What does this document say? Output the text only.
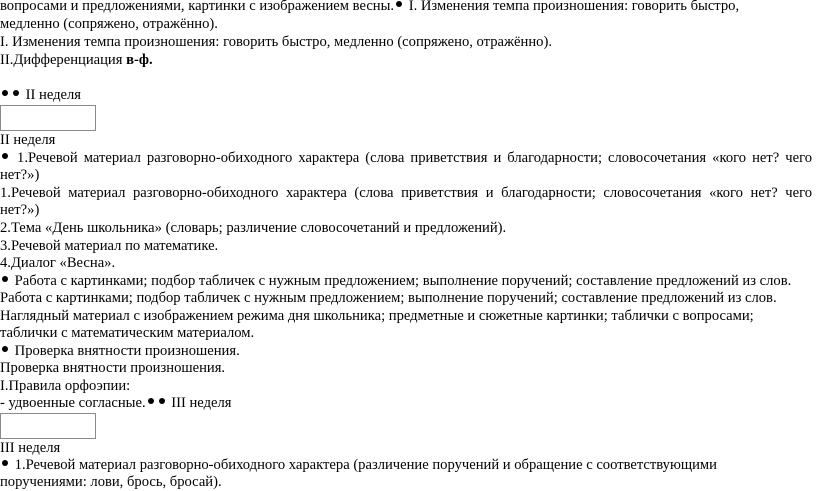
вопросами и предложениями, картинки с изображением весны. I. Изменения темпа произношения: говорить быстро,
медленно (сопряжено, отражённо).
I. Изменения темпа произношения: говорить быстро, медленно (сопряжено, отражённо).
II.Дифференциация в-ф.
II неделя
II неделя
1.Речевой материал разговорно-обиходного характера (слова приветствия и благодарности; словосочетания «кого нет? чего
нет?»)
1.Речевой материал разговорно-обиходного характера (слова приветствия и благодарности; словосочетания «кого нет? чего
нет?»)
2.Тема «День школьника» (словарь; различение словосочетаний и предложений).
3.Речевой материал по математике.
4.Диалог «Весна».
Работа с картинками; подбор табличек с нужным предложением; выполнение поручений; составление предложений из слов.
Работа с картинками; подбор табличек с нужным предложением; выполнение поручений; составление предложений из слов.
Наглядный материал с изображением режима дня школьника; предметные и сюжетные картинки; таблички с вопросами;
таблички с математическим материалом.
Проверка внятности произношения.
Проверка внятности произношения.
I.Правила орфоэпии:
- удвоенные согласные. III неделя
III неделя
1.Речевой материал разговорно-обиходного характера (различение поручений и обращение с соответствующими
поручениями: лови, брось, бросай).
